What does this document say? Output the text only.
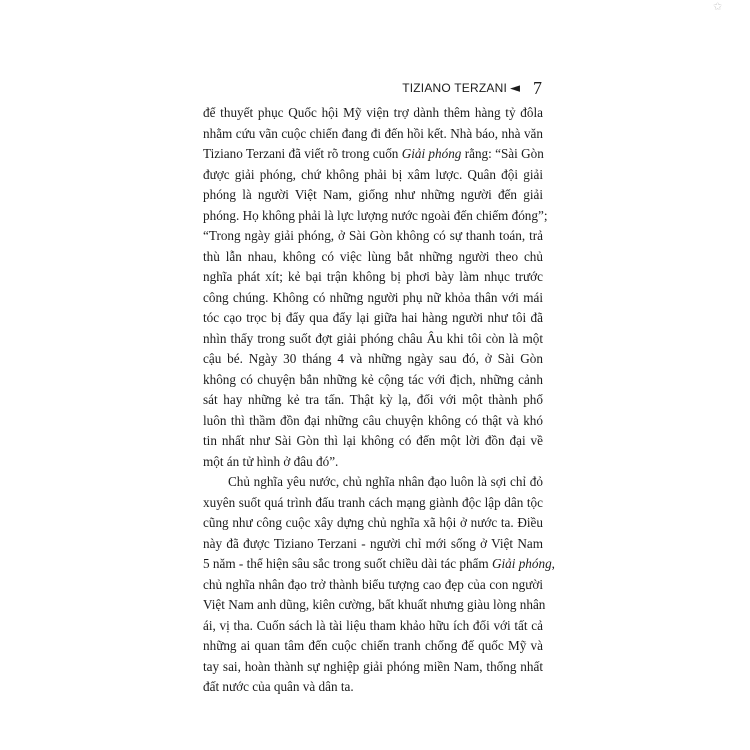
✩
TIZIANO TERZANI ◄ 7

để thuyết phục Quốc hội Mỹ viện trợ dành thêm hàng tỷ đôla
nhằm cứu vãn cuộc chiến đang đi đến hồi kết. Nhà báo, nhà văn
Tiziano Terzani đã viết rõ trong cuốn Giải phóng rằng: “Sài Gòn
được giải phóng, chứ không phải bị xâm lược. Quân đội giải
phóng là người Việt Nam, giống như những người đến giải
phóng. Họ không phải là lực lượng nước ngoài đến chiếm đóng”;
“Trong ngày giải phóng, ở Sài Gòn không có sự thanh toán, trả
thù lẫn nhau, không có việc lùng bắt những người theo chủ
nghĩa phát xít; kẻ bại trận không bị phơi bày làm nhục trước
công chúng. Không có những người phụ nữ khỏa thân với mái
tóc cạo trọc bị đẩy qua đẩy lại giữa hai hàng người như tôi đã
nhìn thấy trong suốt đợt giải phóng châu Âu khi tôi còn là một
cậu bé. Ngày 30 tháng 4 và những ngày sau đó, ở Sài Gòn
không có chuyện bắn những kẻ cộng tác với địch, những cảnh
sát hay những kẻ tra tấn. Thật kỳ lạ, đối với một thành phố
luôn thì thầm đồn đại những câu chuyện không có thật và khó
tin nhất như Sài Gòn thì lại không có đến một lời đồn đại về
một án tử hình ở đâu đó”.

Chủ nghĩa yêu nước, chủ nghĩa nhân đạo luôn là sợi chỉ đỏ
xuyên suốt quá trình đấu tranh cách mạng giành độc lập dân tộc
cũng như công cuộc xây dựng chủ nghĩa xã hội ở nước ta. Điều
này đã được Tiziano Terzani - người chỉ mới sống ở Việt Nam
5 năm - thể hiện sâu sắc trong suốt chiều dài tác phẩm Giải phóng,
chủ nghĩa nhân đạo trở thành biểu tượng cao đẹp của con người
Việt Nam anh dũng, kiên cường, bất khuất nhưng giàu lòng nhân
ái, vị tha. Cuốn sách là tài liệu tham khảo hữu ích đối với tất cả
những ai quan tâm đến cuộc chiến tranh chống đế quốc Mỹ và
tay sai, hoàn thành sự nghiệp giải phóng miền Nam, thống nhất
đất nước của quân và dân ta.
